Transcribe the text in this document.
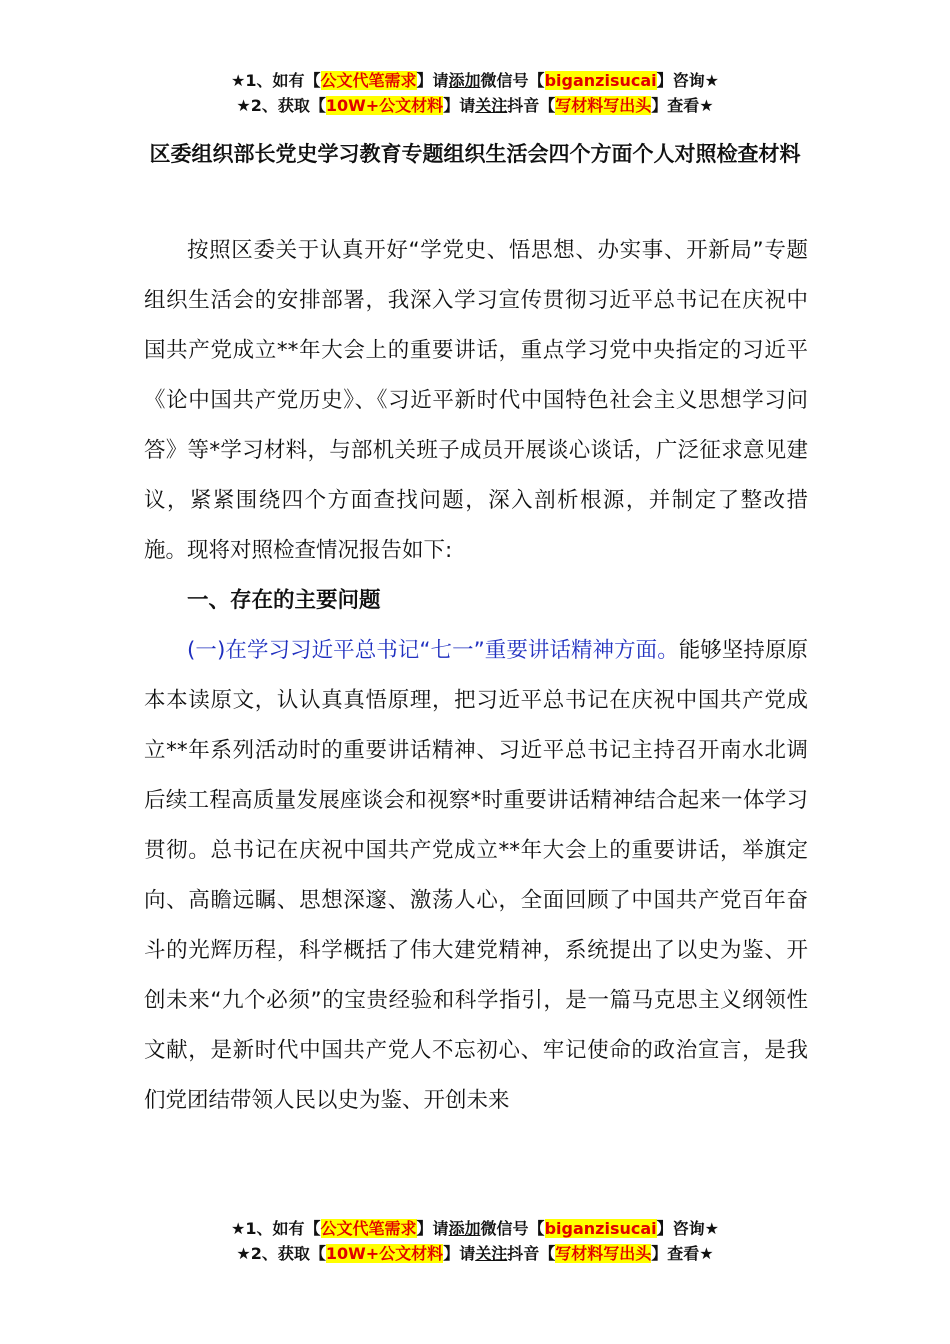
★1、如有【公文代笔需求】请添加微信号【biganzisucai】咨询★
★2、获取【10W+公文材料】请关注抖音【写材料写出头】查看★
区委组织部长党史学习教育专题组织生活会四个方面个人对照检查材料

按照区委关于认真开好“学党史、悟思想、办实事、开新局”专题组织生活会的安排部署，我深入学习宣传贯彻习近平总书记在庆祝中国共产党成立**年大会上的重要讲话，重点学习党中央指定的习近平《论中国共产党历史》、《习近平新时代中国特色社会主义思想学习问答》等*学习材料，与部机关班子成员开展谈心谈话，广泛征求意见建议，紧紧围绕四个方面查找问题，深入剖析根源，并制定了整改措施。现将对照检查情况报告如下:

一、存在的主要问题

(一)在学习习近平总书记“七一”重要讲话精神方面。能够坚持原原本本读原文，认认真真悟原理，把习近平总书记在庆祝中国共产党成立**年系列活动时的重要讲话精神、习近平总书记主持召开南水北调后续工程高质量发展座谈会和视察*时重要讲话精神结合起来一体学习贯彻。总书记在庆祝中国共产党成立**年大会上的重要讲话，举旗定向、高瞻远瞩、思想深邃、激荡人心，全面回顾了中国共产党百年奋斗的光辉历程，科学概括了伟大建党精神，系统提出了以史为鉴、开创未来“九个必须”的宝贵经验和科学指引，是一篇马克思主义纲领性文献，是新时代中国共产党人不忘初心、牢记使命的政治宣言，是我们党团结带领人民以史为鉴、开创未来

★1、如有【公文代笔需求】请添加微信号【biganzisucai】咨询★
★2、获取【10W+公文材料】请关注抖音【写材料写出头】查看★
